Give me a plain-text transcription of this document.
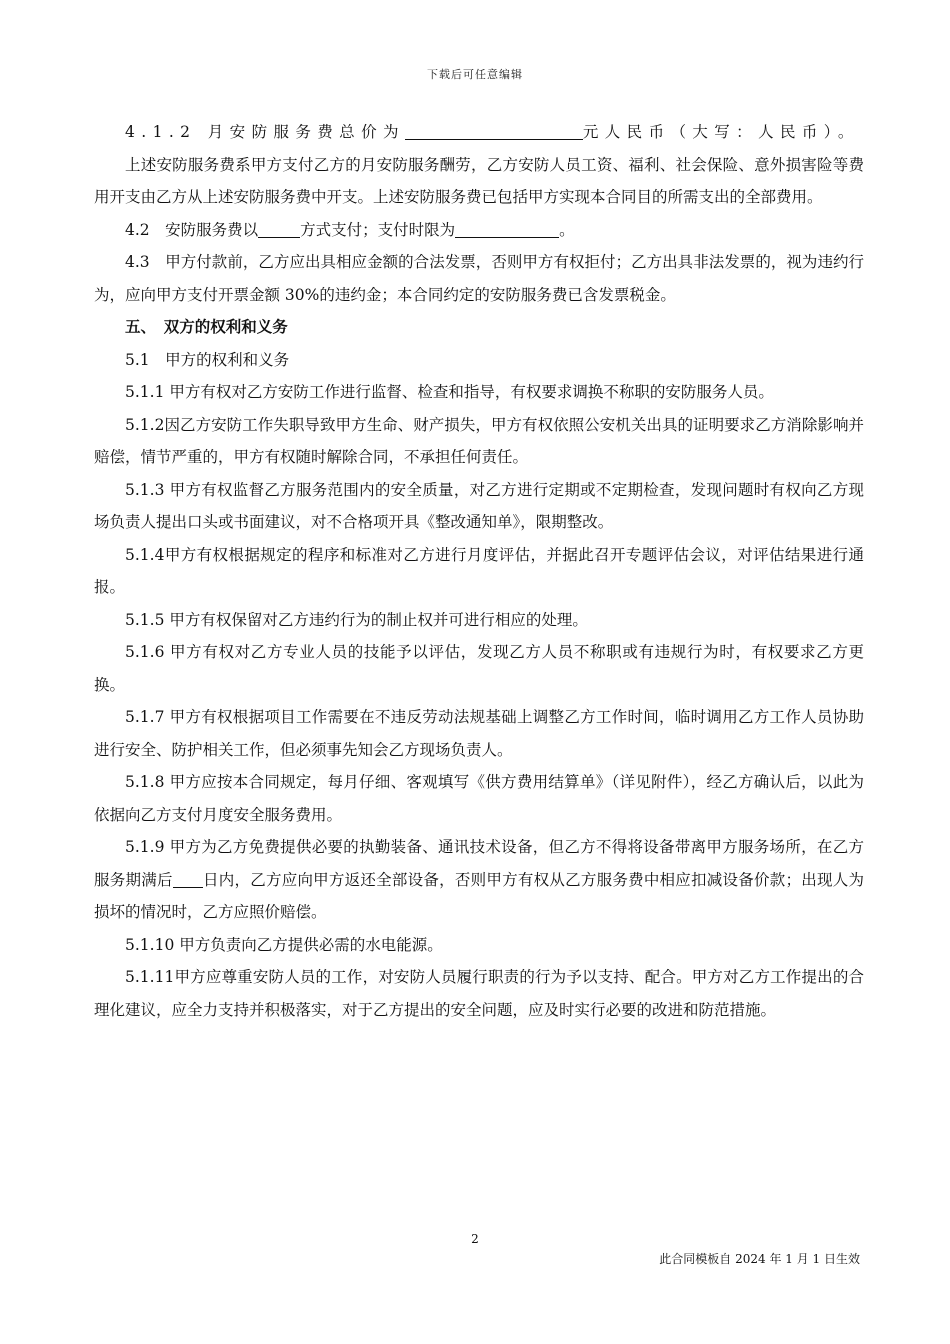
下载后可任意编辑

4.1.2 月安防服务费总价为	元人民币（大写：人民币）。

上述安防服务费系甲方支付乙方的月安防服务酬劳，乙方安防人员工资、福利、社会保险、意外损害险等费用开支由乙方从上述安防服务费中开支。上述安防服务费已包括甲方实现本合同目的所需支出的全部费用。

4.2　安防服务费以	方式支付；支付时限为	。

4.3　甲方付款前，乙方应出具相应金额的合法发票，否则甲方有权拒付；乙方出具非法发票的，视为违约行为，应向甲方支付开票金额 30%的违约金；本合同约定的安防服务费已含发票税金。

五、　双方的权利和义务

5.1　甲方的权利和义务

5.1.1 甲方有权对乙方安防工作进行监督、检查和指导，有权要求调换不称职的安防服务人员。

5.1.2因乙方安防工作失职导致甲方生命、财产损失，甲方有权依照公安机关出具的证明要求乙方消除影响并赔偿，情节严重的，甲方有权随时解除合同，不承担任何责任。

5.1.3 甲方有权监督乙方服务范围内的安全质量，对乙方进行定期或不定期检查，发现问题时有权向乙方现场负责人提出口头或书面建议，对不合格项开具《整改通知单》，限期整改。

5.1.4甲方有权根据规定的程序和标准对乙方进行月度评估，并据此召开专题评估会议，对评估结果进行通报。

5.1.5 甲方有权保留对乙方违约行为的制止权并可进行相应的处理。

5.1.6 甲方有权对乙方专业人员的技能予以评估，发现乙方人员不称职或有违规行为时，有权要求乙方更换。

5.1.7 甲方有权根据项目工作需要在不违反劳动法规基础上调整乙方工作时间，临时调用乙方工作人员协助进行安全、防护相关工作，但必须事先知会乙方现场负责人。

5.1.8 甲方应按本合同规定，每月仔细、客观填写《供方费用结算单》（详见附件），经乙方确认后，以此为依据向乙方支付月度安全服务费用。

5.1.9 甲方为乙方免费提供必要的执勤装备、通讯技术设备，但乙方不得将设备带离甲方服务场所，在乙方服务期满后 日内，乙方应向甲方返还全部设备，否则甲方有权从乙方服务费中相应扣减设备价款；出现人为损坏的情况时，乙方应照价赔偿。

5.1.10 甲方负责向乙方提供必需的水电能源。

5.1.11甲方应尊重安防人员的工作，对安防人员履行职责的行为予以支持、配合。甲方对乙方工作提出的合理化建议，应全力支持并积极落实，对于乙方提出的安全问题，应及时实行必要的改进和防范措施。

2
此合同模板自 2024 年 1 月 1 日生效
